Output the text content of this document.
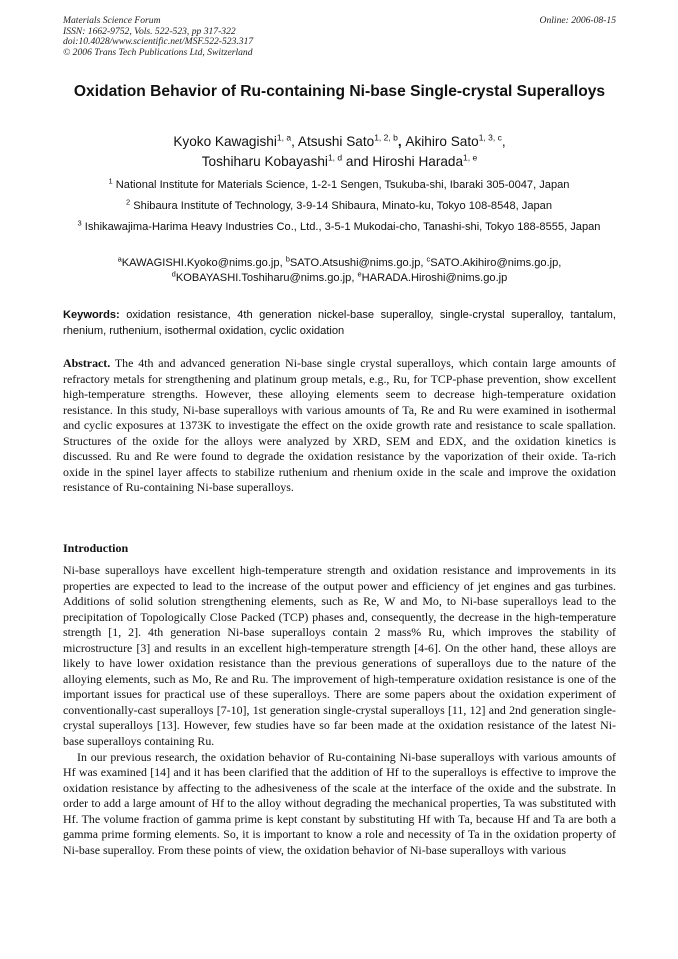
Materials Science Forum
ISSN: 1662-9752, Vols. 522-523, pp 317-322
doi:10.4028/www.scientific.net/MSF.522-523.317
© 2006 Trans Tech Publications Ltd, Switzerland
Online: 2006-08-15
Oxidation Behavior of Ru-containing Ni-base Single-crystal Superalloys
Kyoko Kawagishi$^{1, a}$, Atsushi Sato$^{1, 2, b}$, Akihiro Sato$^{1, 3, c}$,
Toshiharu Kobayashi$^{1, d}$ and Hiroshi Harada$^{1, e}$
$^1$ National Institute for Materials Science, 1-2-1 Sengen, Tsukuba-shi, Ibaraki 305-0047, Japan
$^2$ Shibaura Institute of Technology, 3-9-14 Shibaura, Minato-ku, Tokyo 108-8548, Japan
$^3$ Ishikawajima-Harima Heavy Industries Co., Ltd., 3-5-1 Mukodai-cho, Tanashi-shi, Tokyo 188-8555, Japan
$^a$KAWAGISHI.Kyoko@nims.go.jp, $^b$SATO.Atsushi@nims.go.jp, $^c$SATO.Akihiro@nims.go.jp,
$^d$KOBAYASHI.Toshiharu@nims.go.jp, $^e$HARADA.Hiroshi@nims.go.jp
Keywords: oxidation resistance, 4th generation nickel-base superalloy, single-crystal superalloy, tantalum, rhenium, ruthenium, isothermal oxidation, cyclic oxidation
Abstract. The 4th and advanced generation Ni-base single crystal superalloys, which contain large amounts of refractory metals for strengthening and platinum group metals, e.g., Ru, for TCP-phase prevention, show excellent high-temperature strengths. However, these alloying elements seem to decrease high-temperature oxidation resistance. In this study, Ni-base superalloys with various amounts of Ta, Re and Ru were examined in isothermal and cyclic exposures at 1373K to investigate the effect on the oxide growth rate and resistance to scale spallation. Structures of the oxide for the alloys were analyzed by XRD, SEM and EDX, and the oxidation kinetics is discussed. Ru and Re were found to degrade the oxidation resistance by the vaporization of their oxide. Ta-rich oxide in the spinel layer affects to stabilize ruthenium and rhenium oxide in the scale and improve the oxidation resistance of Ru-containing Ni-base superalloys.
Introduction

Ni-base superalloys have excellent high-temperature strength and oxidation resistance and improvements in its properties are expected to lead to the increase of the output power and efficiency of jet engines and gas turbines. Additions of solid solution strengthening elements, such as Re, W and Mo, to Ni-base superalloys lead to the precipitation of Topologically Close Packed (TCP) phases and, consequently, the decrease in the high-temperature strength [1, 2]. 4th generation Ni-base superalloys contain 2 mass% Ru, which improves the stability of microstructure [3] and results in an excellent high-temperature strength [4-6]. On the other hand, these alloys are likely to have lower oxidation resistance than the previous generations of superalloys due to the nature of the alloying elements, such as Mo, Re and Ru. The improvement of high-temperature oxidation resistance is one of the important issues for practical use of these superalloys. There are some papers about the oxidation experiment of conventionally-cast superalloys [7-10], 1st generation single-crystal superalloys [11, 12] and 2nd generation single-crystal superalloys [13]. However, few studies have so far been made at the oxidation resistance of the latest Ni-base superalloys containing Ru.

In our previous research, the oxidation behavior of Ru-containing Ni-base superalloys with various amounts of Hf was examined [14] and it has been clarified that the addition of Hf to the superalloys is effective to improve the oxidation resistance by affecting to the adhesiveness of the scale at the interface of the oxide and the substrate. In order to add a large amount of Hf to the alloy without degrading the mechanical properties, Ta was substituted with Hf. The volume fraction of gamma prime is kept constant by substituting Hf with Ta, because Hf and Ta are both a gamma prime forming elements. So, it is important to know a role and necessity of Ta in the oxidation property of Ni-base superalloy. From these points of view, the oxidation behavior of Ni-base superalloys with various
